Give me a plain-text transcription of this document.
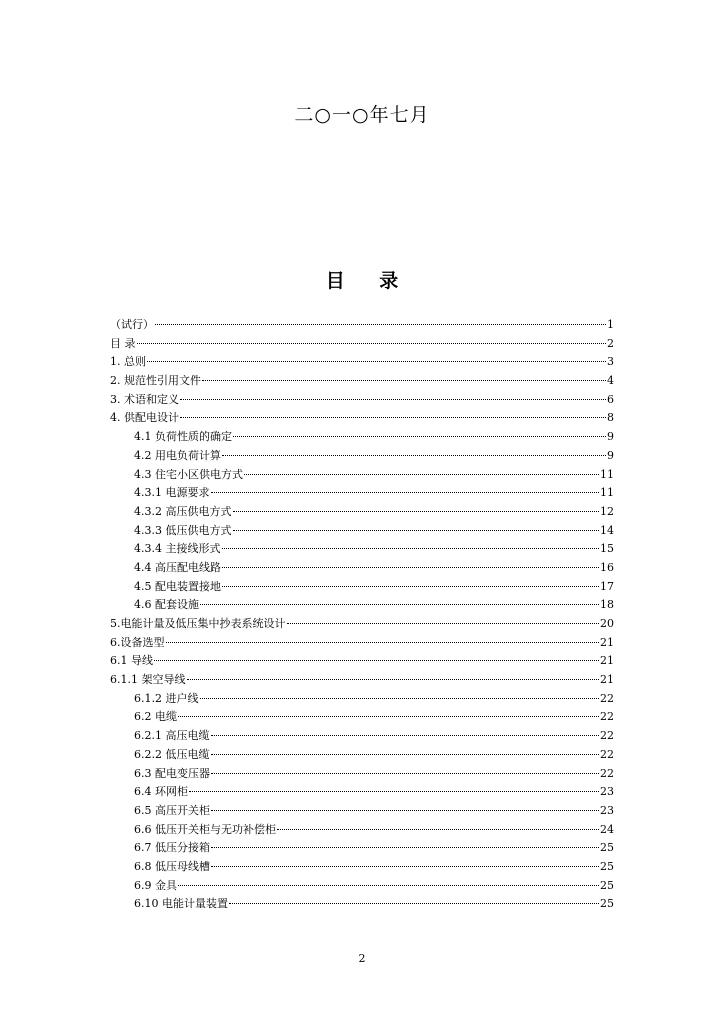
二○一○年七月
目 录
（试行）	1
目 录	2
1. 总则	3
2. 规范性引用文件	4
3. 术语和定义	6
4. 供配电设计	8
4.1 负荷性质的确定	9
4.2 用电负荷计算	9
4.3 住宅小区供电方式	11
4.3.1 电源要求	11
4.3.2 高压供电方式	12
4.3.3 低压供电方式	14
4.3.4 主接线形式	15
4.4 高压配电线路	16
4.5 配电装置接地	17
4.6 配套设施	18
5.电能计量及低压集中抄表系统设计	20
6.设备选型	21
6.1 导线	21
6.1.1 架空导线	21
6.1.2 进户线	22
6.2 电缆	22
6.2.1 高压电缆	22
6.2.2 低压电缆	22
6.3 配电变压器	22
6.4 环网柜	23
6.5 高压开关柜	23
6.6 低压开关柜与无功补偿柜	24
6.7 低压分接箱	25
6.8 低压母线槽	25
6.9 金具	25
6.10 电能计量装置	25
2
